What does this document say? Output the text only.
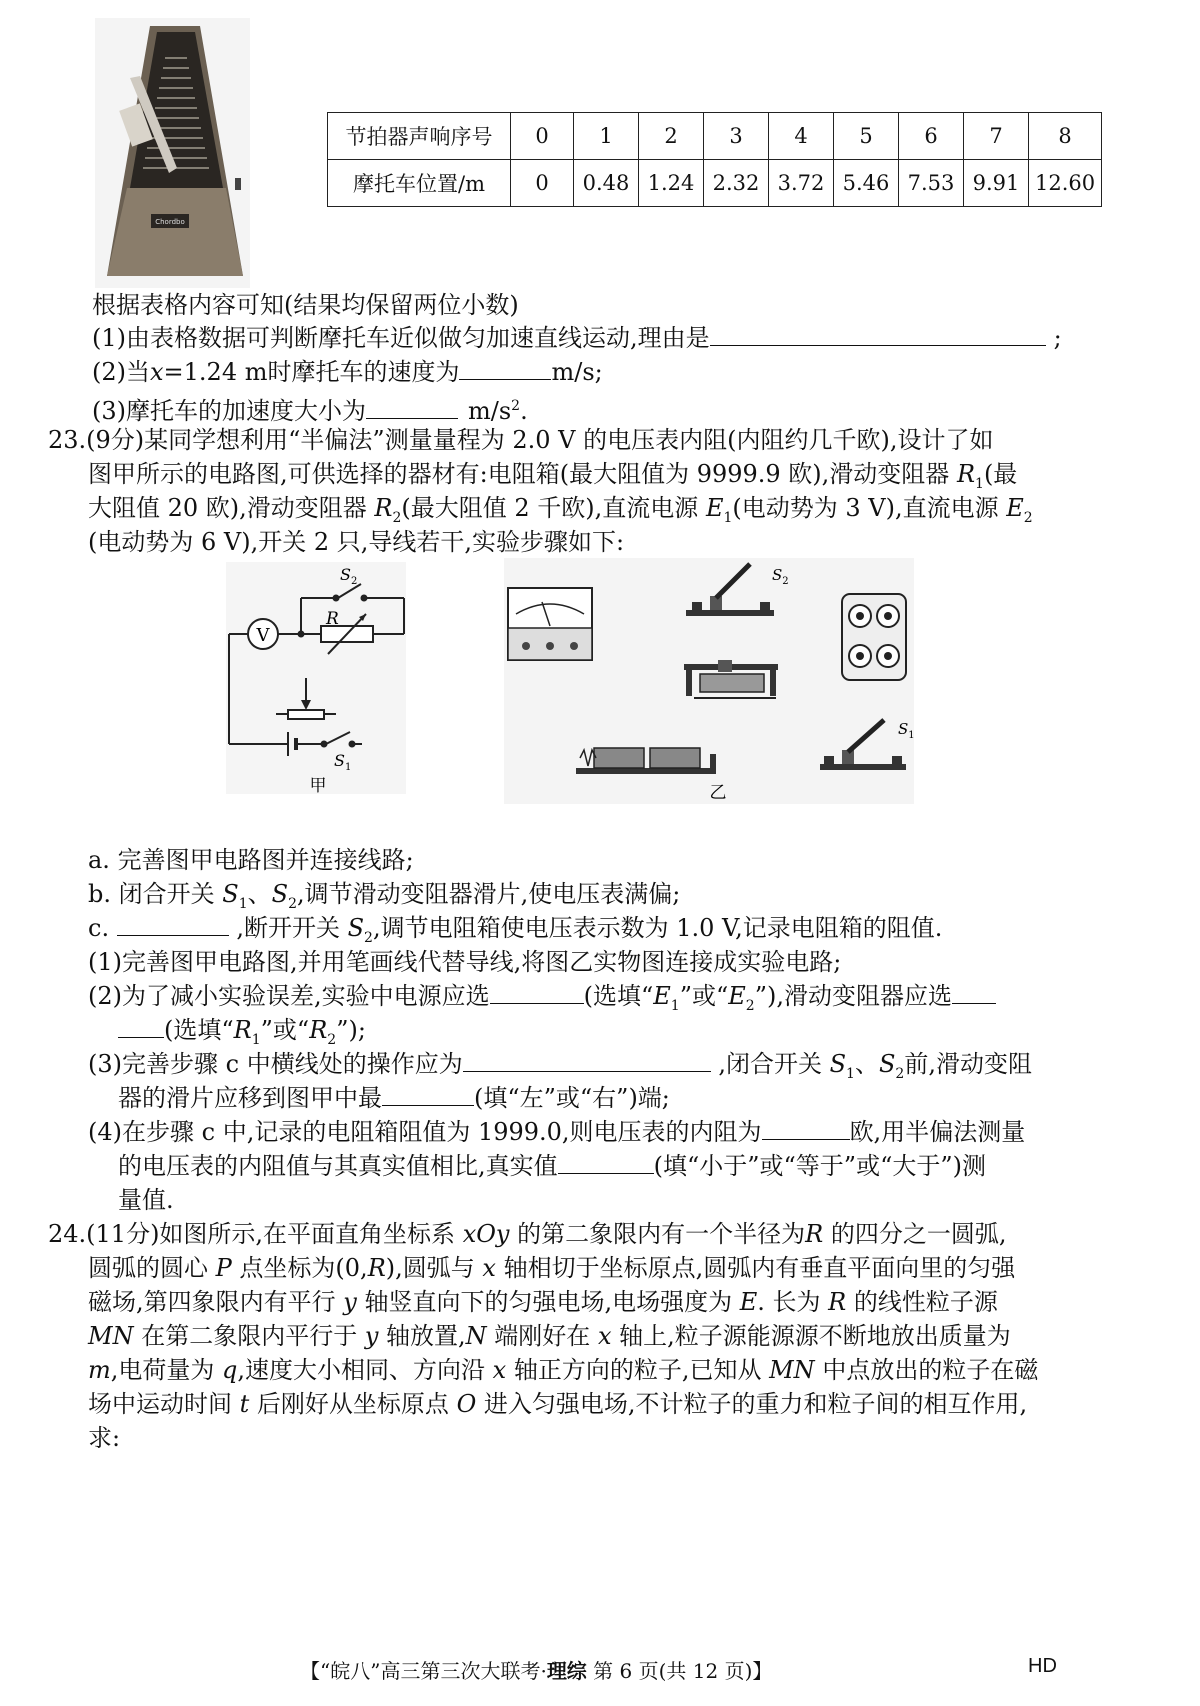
Chordbo
节拍器声响序号	0	1	2	3	4	5	6	7	8
摩托车位置/m	0	0.48	1.24	2.32	3.72	5.46	7.53	9.91	12.60
根据表格内容可知(结果均保留两位小数)
(1)由表格数据可判断摩托车近似做匀加速直线运动,理由是	;
(2)当x=1.24 m时摩托车的速度为	m/s;
(3)摩托车的加速度大小为	$m/s^2$.
23.(9分)某同学想利用“半偏法”测量量程为 2.0 V 的电压表内阻(内阻约几千欧),设计了如
图甲所示的电路图,可供选择的器材有:电阻箱(最大阻值为 9999.9 欧),滑动变阻器 $R_1$(最
大阻值 20 欧),滑动变阻器 $R_2$(最大阻值 2 千欧),直流电源 $E_1$(电动势为 3 V),直流电源 $E_2$
(电动势为 6 V),开关 2 只,导线若干,实验步骤如下:
V
R
$S_2$
$S_1$
甲
$S_2$
$S_1$
乙
a. 完善图甲电路图并连接线路;
b. 闭合开关 $S_1$、$S_2$,调节滑动变阻器滑片,使电压表满偏;
c.	,断开开关 $S_2$,调节电阻箱使电压表示数为 1.0 V,记录电阻箱的阻值.
(1)完善图甲电路图,并用笔画线代替导线,将图乙实物图连接成实验电路;
(2)为了减小实验误差,实验中电源应选	(选填“$E_1$”或“$E_2$”),滑动变阻器应选
(选填“$R_1$”或“$R_2$”);
(3)完善步骤 c 中横线处的操作应为	,闭合开关 $S_1$、$S_2$前,滑动变阻
器的滑片应移到图甲中最	(填“左”或“右”)端;
(4)在步骤 c 中,记录的电阻箱阻值为 1999.0,则电压表的内阻为	欧,用半偏法测量
的电压表的内阻值与其真实值相比,真实值	(填“小于”或“等于”或“大于”)测
量值.
24.(11分)如图所示,在平面直角坐标系 xOy 的第二象限内有一个半径为R 的四分之一圆弧,
圆弧的圆心 P 点坐标为(0,R),圆弧与 x 轴相切于坐标原点,圆弧内有垂直平面向里的匀强
磁场,第四象限内有平行 y 轴竖直向下的匀强电场,电场强度为 E. 长为 R 的线性粒子源
MN 在第二象限内平行于 y 轴放置,N 端刚好在 x 轴上,粒子源能源源不断地放出质量为
m,电荷量为 q,速度大小相同、方向沿 x 轴正方向的粒子,已知从 MN 中点放出的粒子在磁
场中运动时间 t 后刚好从坐标原点 O 进入匀强电场,不计粒子的重力和粒子间的相互作用,
求:
【“皖八”高三第三次大联考·理综 第 6 页(共 12 页)】	HD
